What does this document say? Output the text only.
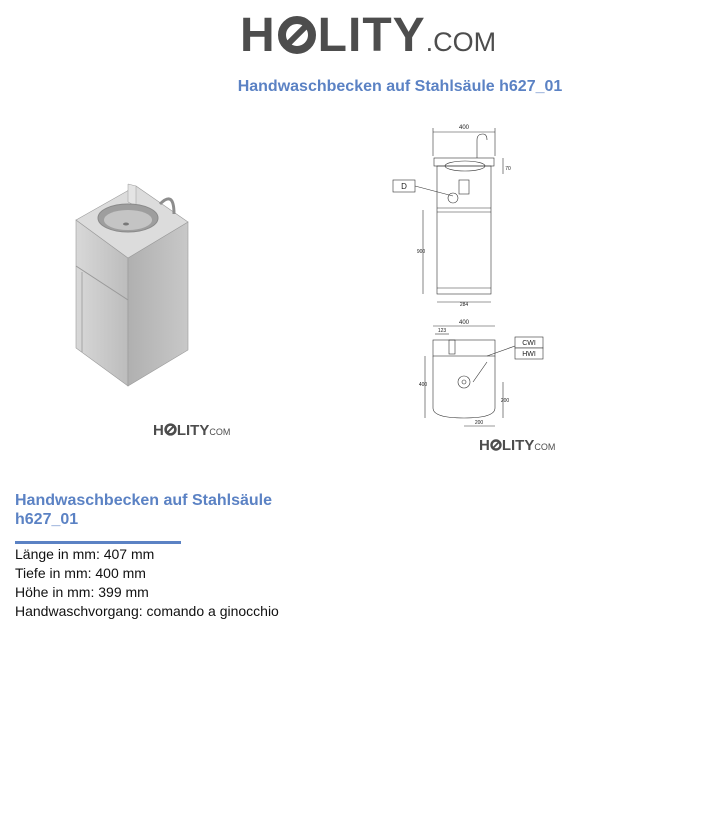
H LITY.COM
Handwaschbecken auf Stahlsäule h627_01
H LITYCOM
D
400
900
70
284
400
123
400
200
200
CWI
HWI
H LITYCOM
Handwaschbecken auf Stahlsäule h627_01
Länge in mm: 407 mm
Tiefe in mm: 400 mm
Höhe in mm: 399 mm
Handwaschvorgang: comando a ginocchio
